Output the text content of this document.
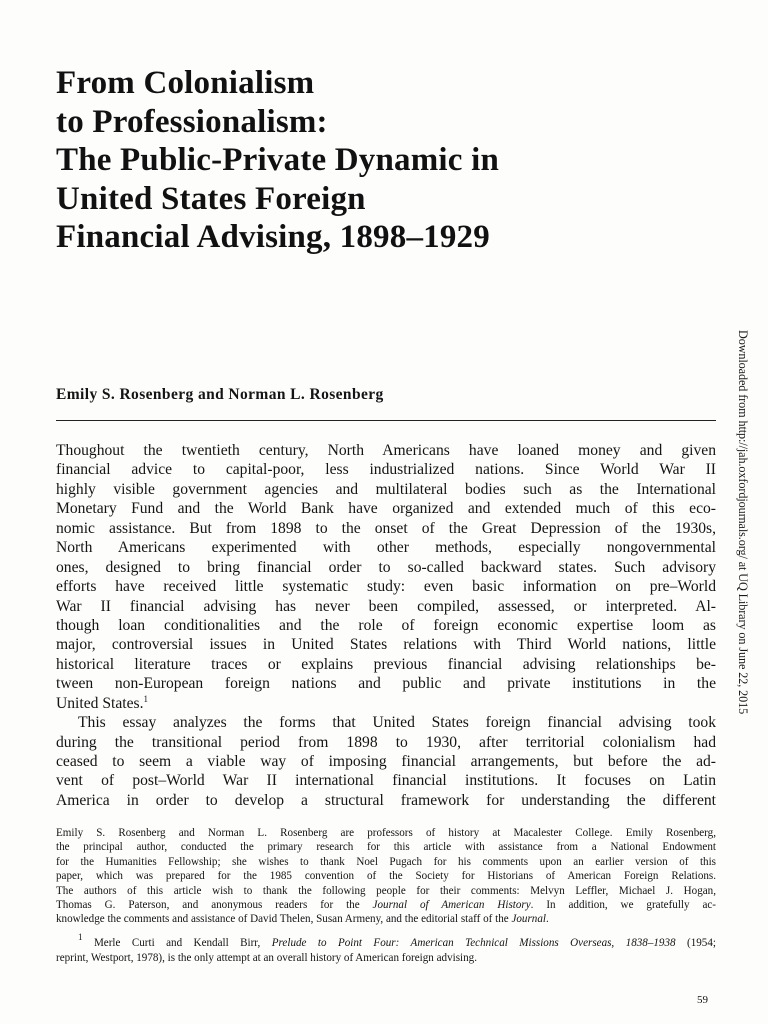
From Colonialism
to Professionalism:
The Public-Private Dynamic in
United States Foreign
Financial Advising, 1898–1929
Emily S. Rosenberg and Norman L. Rosenberg
Thoughout the twentieth century, North Americans have loaned money and given
financial advice to capital-poor, less industrialized nations. Since World War II
highly visible government agencies and multilateral bodies such as the International
Monetary Fund and the World Bank have organized and extended much of this eco-
nomic assistance. But from 1898 to the onset of the Great Depression of the 1930s,
North Americans experimented with other methods, especially nongovernmental
ones, designed to bring financial order to so-called backward states. Such advisory
efforts have received little systematic study: even basic information on pre–World
War II financial advising has never been compiled, assessed, or interpreted. Al-
though loan conditionalities and the role of foreign economic expertise loom as
major, controversial issues in United States relations with Third World nations, little
historical literature traces or explains previous financial advising relationships be-
tween non-European foreign nations and public and private institutions in the
United States.$^1$
This essay analyzes the forms that United States foreign financial advising took
during the transitional period from 1898 to 1930, after territorial colonialism had
ceased to seem a viable way of imposing financial arrangements, but before the ad-
vent of post–World War II international financial institutions. It focuses on Latin
America in order to develop a structural framework for understanding the different
Emily S. Rosenberg and Norman L. Rosenberg are professors of history at Macalester College. Emily Rosenberg,
the principal author, conducted the primary research for this article with assistance from a National Endowment
for the Humanities Fellowship; she wishes to thank Noel Pugach for his comments upon an earlier version of this
paper, which was prepared for the 1985 convention of the Society for Historians of American Foreign Relations.
The authors of this article wish to thank the following people for their comments: Melvyn Leffler, Michael J. Hogan,
Thomas G. Paterson, and anonymous readers for the Journal of American History. In addition, we gratefully ac-
knowledge the comments and assistance of David Thelen, Susan Armeny, and the editorial staff of the Journal.
$^1$ Merle Curti and Kendall Birr, Prelude to Point Four: American Technical Missions Overseas, 1838–1938 (1954;
reprint, Westport, 1978), is the only attempt at an overall history of American foreign advising.
59
Downloaded from http://jah.oxfordjournals.org/ at UQ Library on June 22, 2015
